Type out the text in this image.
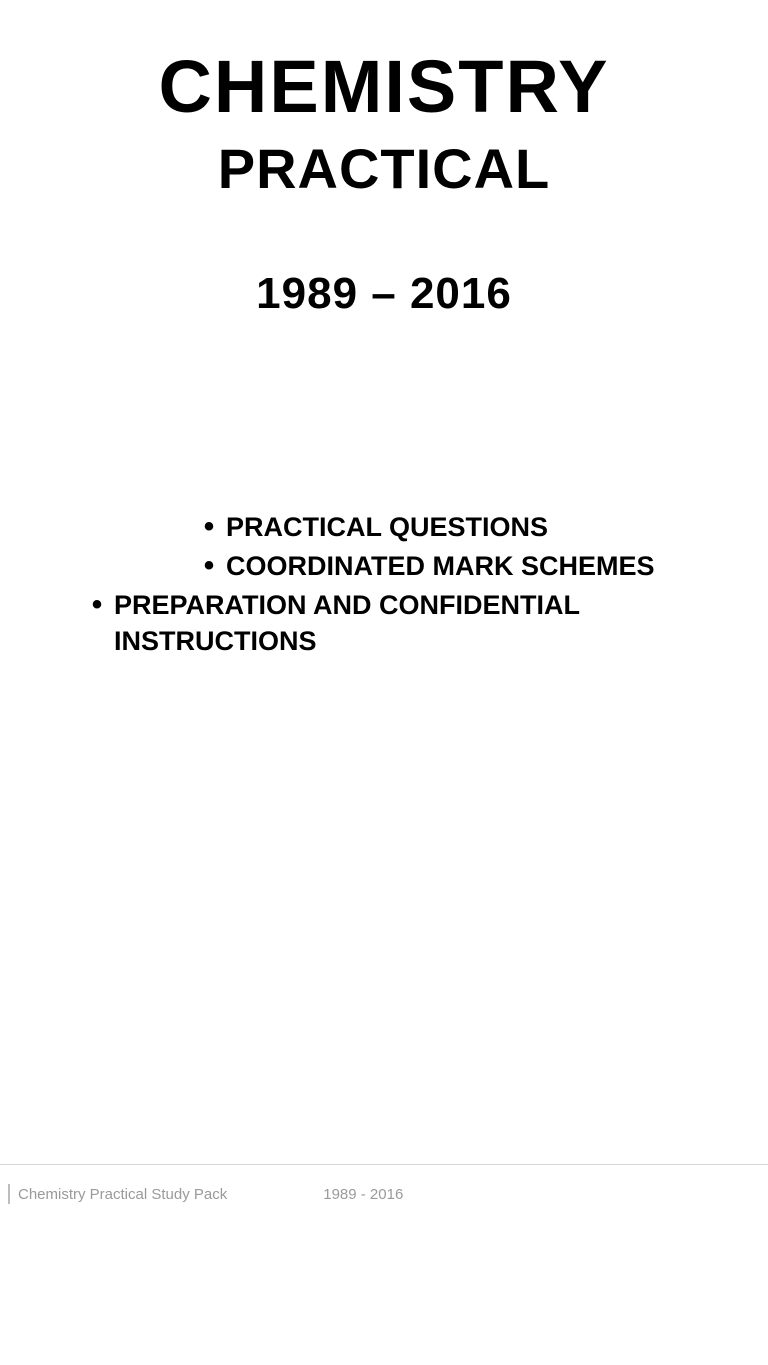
CHEMISTRY
PRACTICAL
1989 – 2016
• PRACTICAL QUESTIONS
• COORDINATED MARK SCHEMES
• PREPARATION AND CONFIDENTIAL INSTRUCTIONS
Chemistry Practical Study Pack	1989 - 2016
